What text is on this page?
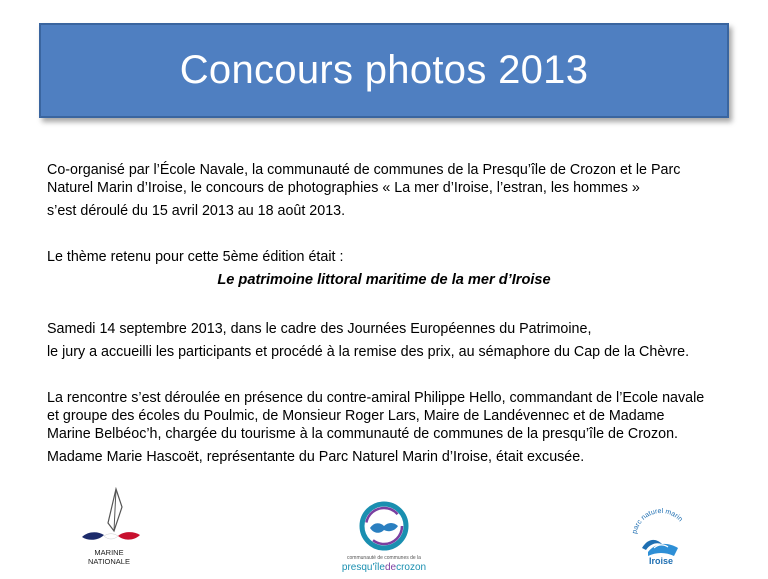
Concours photos 2013

Co-organisé par l’École Navale, la communauté de communes de la Presqu’île de Crozon et le Parc

Naturel Marin d’Iroise, le concours de photographies « La mer d’Iroise, l’estran, les hommes »

s’est déroulé du 15 avril 2013 au 18 août 2013.

Le thème retenu pour cette 5ème édition était :

Le patrimoine littoral maritime de la mer d’Iroise

Samedi 14 septembre 2013, dans le cadre des Journées Européennes du Patrimoine,

le jury a accueilli les participants et procédé à la remise des prix, au sémaphore du Cap de la Chèvre.

La rencontre s’est déroulée en présence du contre-amiral Philippe Hello, commandant de l’Ecole navale

et groupe des écoles du Poulmic, de Monsieur Roger Lars, Maire de Landévennec et de Madame

Marine Belbéoc’h, chargée du tourisme à la communauté de communes de la presqu’île de Crozon.

Madame Marie Hascoët, représentante du Parc Naturel Marin d’Iroise, était excusée.

MARINE
NATIONALE	communauté de communes de la
presqu'îledecrozon
parc naturel marin
Iroise
